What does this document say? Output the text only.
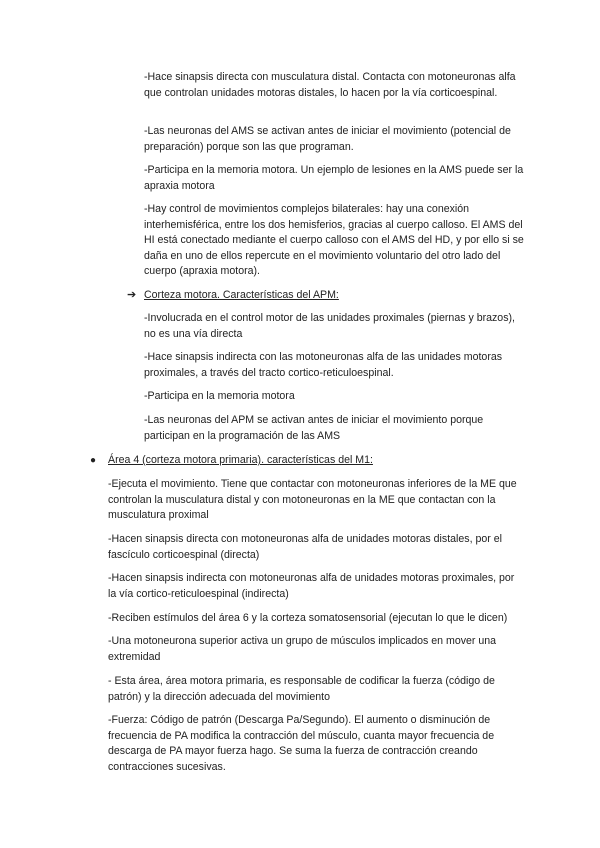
-Hace sinapsis directa con musculatura distal. Contacta con motoneuronas alfa que controlan unidades motoras distales, lo hacen por la vía corticoespinal.

-Las neuronas del AMS se activan antes de iniciar el movimiento (potencial de preparación) porque son las que programan.

-Participa en la memoria motora. Un ejemplo de lesiones en la AMS puede ser la apraxia motora

-Hay control de movimientos complejos bilaterales: hay una conexión interhemisférica, entre los dos hemisferios, gracias al cuerpo calloso. El AMS del HI está conectado mediante el cuerpo calloso con el AMS del HD, y por ello si se daña en uno de ellos repercute en el movimiento voluntario del otro lado del cuerpo (apraxia motora).

➔ Corteza motora. Características del APM:

-Involucrada en el control motor de las unidades proximales (piernas y brazos), no es una vía directa

-Hace sinapsis indirecta con las motoneuronas alfa de las unidades motoras proximales, a través del tracto cortico-reticuloespinal.

-Participa en la memoria motora

-Las neuronas del APM se activan antes de iniciar el movimiento porque participan en la programación de las AMS

● Área 4 (corteza motora primaria). características del M1:

-Ejecuta el movimiento. Tiene que contactar con motoneuronas inferiores de la ME que controlan la musculatura distal y con motoneuronas en la ME que contactan con la musculatura proximal

-Hacen sinapsis directa con motoneuronas alfa de unidades motoras distales, por el fascículo corticoespinal (directa)

-Hacen sinapsis indirecta con motoneuronas alfa de unidades motoras proximales, por la vía cortico-reticuloespinal (indirecta)

-Reciben estímulos del área 6 y la corteza somatosensorial (ejecutan lo que le dicen)

-Una motoneurona superior activa un grupo de músculos implicados en mover una extremidad

- Esta área, área motora primaria, es responsable de codificar la fuerza (código de patrón) y la dirección adecuada del movimiento

-Fuerza: Código de patrón (Descarga Pa/Segundo). El aumento o disminución de frecuencia de PA modifica la contracción del músculo, cuanta mayor frecuencia de descarga de PA mayor fuerza hago. Se suma la fuerza de contracción creando contracciones sucesivas.
